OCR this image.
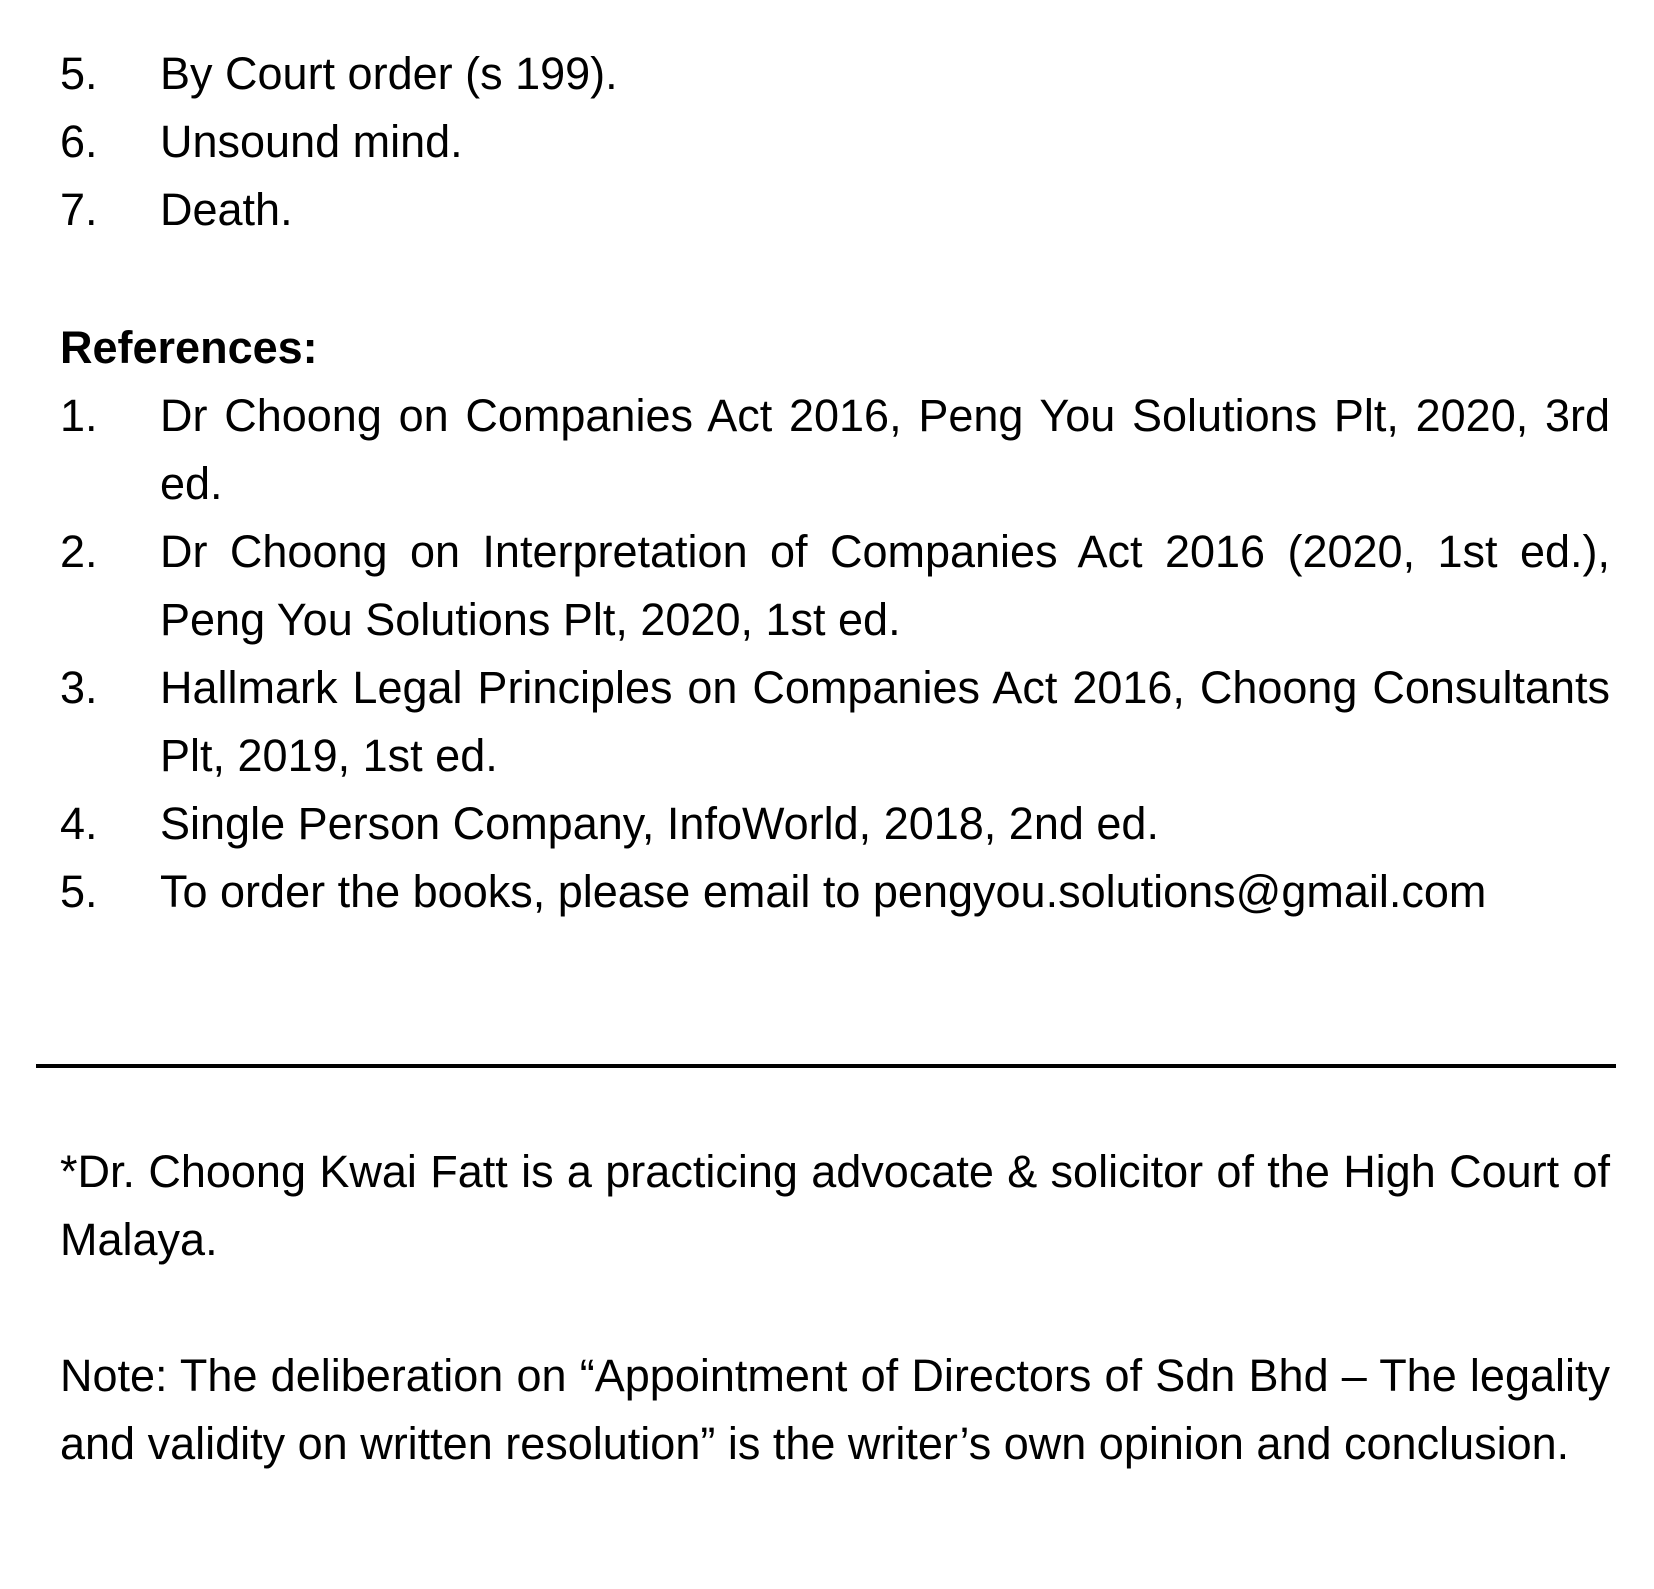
5.	By Court order (s 199).
6.	Unsound mind.
7.	Death.
References:
1.	Dr Choong on Companies Act 2016, Peng You Solutions Plt, 2020, 3rd ed.
2.	Dr Choong on Interpretation of Companies Act 2016 (2020, 1st ed.), Peng You Solutions Plt, 2020, 1st ed.
3.	Hallmark Legal Principles on Companies Act 2016, Choong Consultants Plt, 2019, 1st ed.
4.	Single Person Company, InfoWorld, 2018, 2nd ed.
5.	To order the books, please email to pengyou.solutions@gmail.com

*Dr. Choong Kwai Fatt is a practicing advocate & solicitor of the High Court of Malaya.

Note: The deliberation on “Appointment of Directors of Sdn Bhd – The legality and validity on written resolution” is the writer’s own opinion and conclusion.
